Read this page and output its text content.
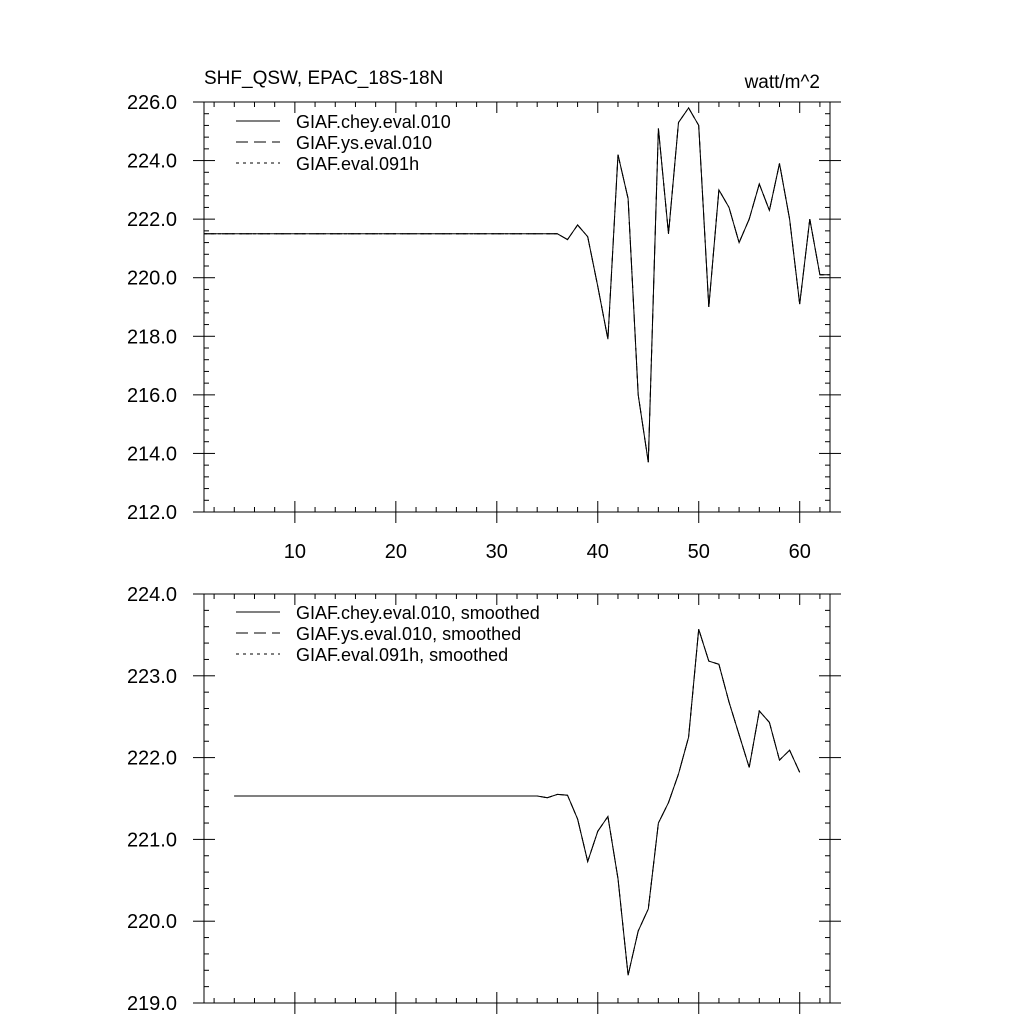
SHF_QSW, EPAC_18S-18N	watt/m^2
10	20	30	40	50	60
212.0
214.0
216.0
218.0
220.0
222.0
224.0
226.0
GIAF.chey.eval.010
GIAF.ys.eval.010
GIAF.eval.091h
219.0
220.0
221.0
222.0
223.0
224.0
GIAF.chey.eval.010, smoothed
GIAF.ys.eval.010, smoothed
GIAF.eval.091h, smoothed
